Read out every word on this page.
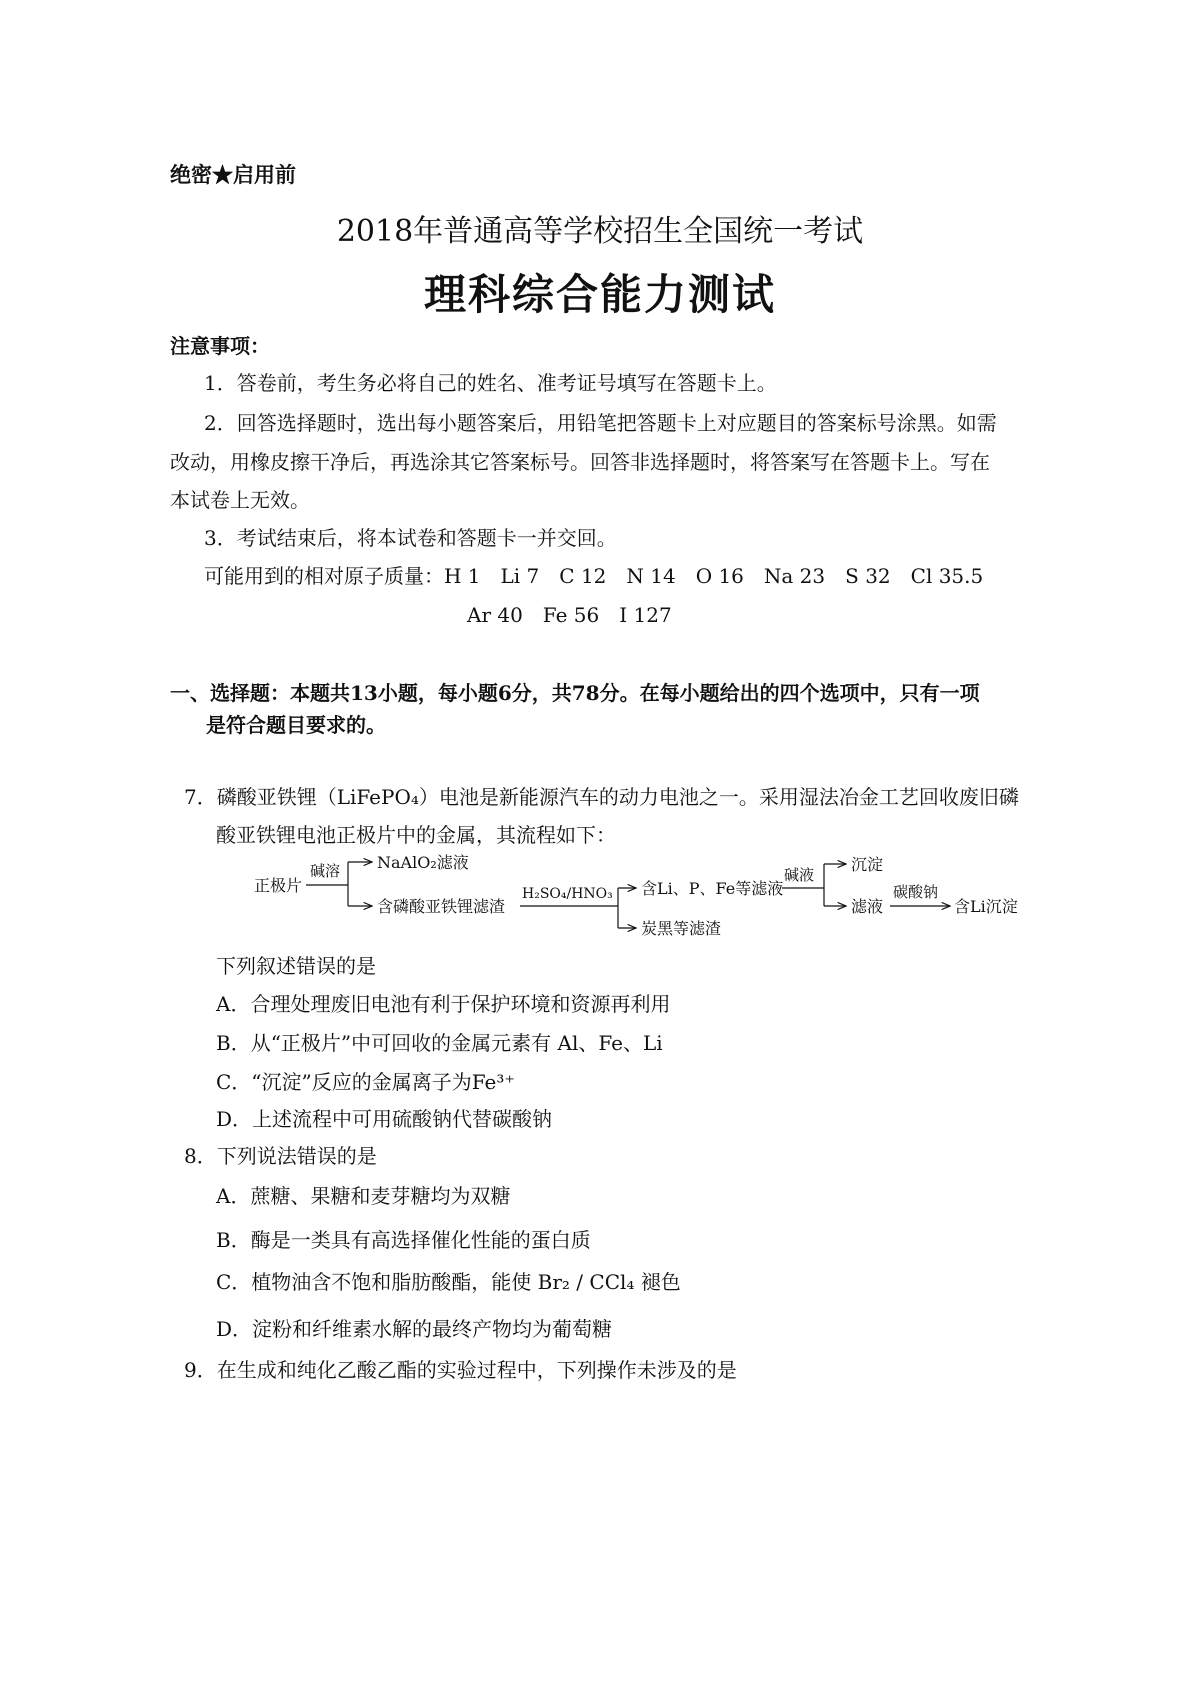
绝密★启用前
2018年普通高等学校招生全国统一考试
理科综合能力测试
注意事项：
1．答卷前，考生务必将自己的姓名、准考证号填写在答题卡上。
2．回答选择题时，选出每小题答案后，用铅笔把答题卡上对应题目的答案标号涂黑。如需
改动，用橡皮擦干净后，再选涂其它答案标号。回答非选择题时，将答案写在答题卡上。写在
本试卷上无效。
3．考试结束后，将本试卷和答题卡一并交回。
可能用到的相对原子质量：H 1　Li 7　C 12　N 14　O 16　Na 23　S 32　Cl 35.5
Ar 40　Fe 56　I 127
一、选择题：本题共13小题，每小题6分，共78分。在每小题给出的四个选项中，只有一项
是符合题目要求的。
7．磷酸亚铁锂（LiFePO₄）电池是新能源汽车的动力电池之一。采用湿法冶金工艺回收废旧磷
酸亚铁锂电池正极片中的金属，其流程如下：
正极片
碱溶 NaAlO₂滤液
含磷酸亚铁锂滤渣
H₂SO₄/HNO₃ 含Li、P、Fe等滤液
炭黑等滤渣
碱液
沉淀
滤液
碳酸钠
含Li沉淀
下列叙述错误的是
A．合理处理废旧电池有利于保护环境和资源再利用
B．从“正极片”中可回收的金属元素有 Al、Fe、Li
C．“沉淀”反应的金属离子为Fe³⁺
D．上述流程中可用硫酸钠代替碳酸钠
8．下列说法错误的是
A．蔗糖、果糖和麦芽糖均为双糖
B．酶是一类具有高选择催化性能的蛋白质
C．植物油含不饱和脂肪酸酯，能使 Br₂ / CCl₄ 褪色
D．淀粉和纤维素水解的最终产物均为葡萄糖
9．在生成和纯化乙酸乙酯的实验过程中，下列操作未涉及的是
